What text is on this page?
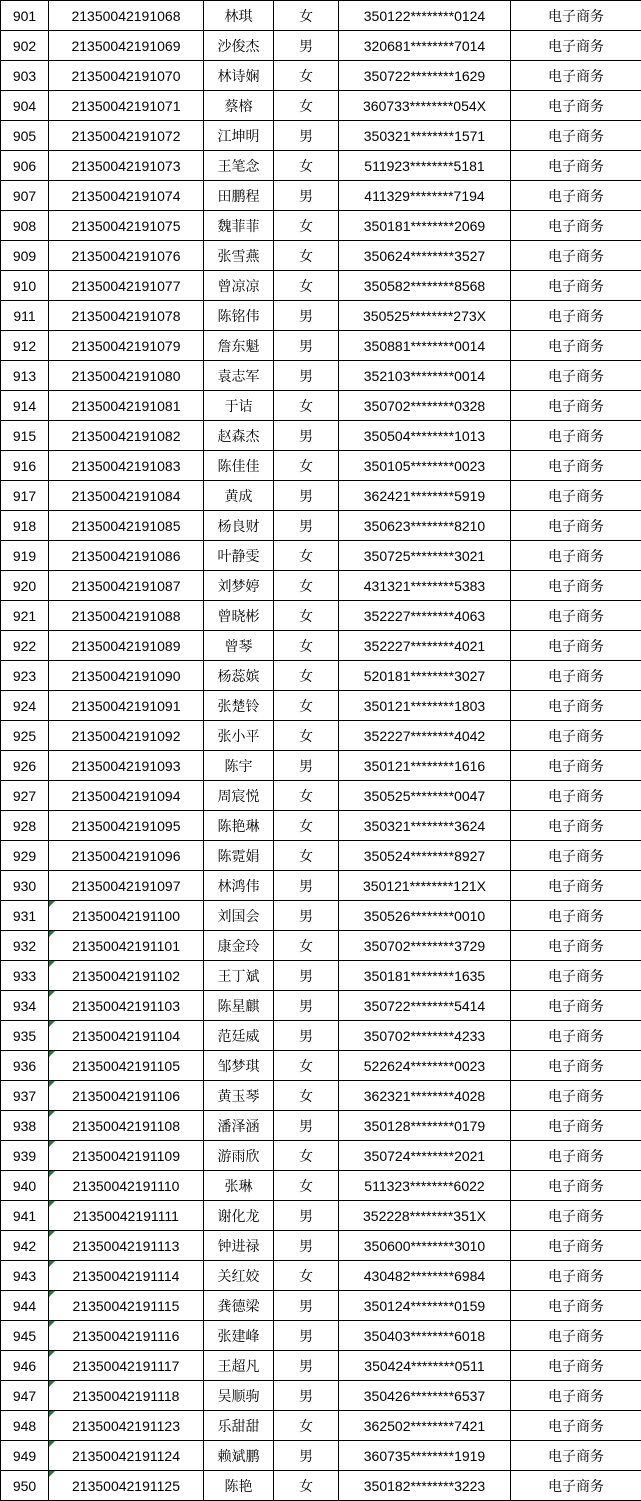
901	21350042191068	林琪	女	350122********0124	电子商务
902	21350042191069	沙俊杰	男	320681********7014	电子商务
903	21350042191070	林诗娴	女	350722********1629	电子商务
904	21350042191071	蔡榕	女	360733********054X	电子商务
905	21350042191072	江坤明	男	350321********1571	电子商务
906	21350042191073	王笔念	女	511923********5181	电子商务
907	21350042191074	田鹏程	男	411329********7194	电子商务
908	21350042191075	魏菲菲	女	350181********2069	电子商务
909	21350042191076	张雪燕	女	350624********3527	电子商务
910	21350042191077	曾凉凉	女	350582********8568	电子商务
911	21350042191078	陈铭伟	男	350525********273X	电子商务
912	21350042191079	詹东魁	男	350881********0014	电子商务
913	21350042191080	袁志军	男	352103********0014	电子商务
914	21350042191081	于诘	女	350702********0328	电子商务
915	21350042191082	赵森杰	男	350504********1013	电子商务
916	21350042191083	陈佳佳	女	350105********0023	电子商务
917	21350042191084	黄成	男	362421********5919	电子商务
918	21350042191085	杨良财	男	350623********8210	电子商务
919	21350042191086	叶静雯	女	350725********3021	电子商务
920	21350042191087	刘梦婷	女	431321********5383	电子商务
921	21350042191088	曾晓彬	女	352227********4063	电子商务
922	21350042191089	曾琴	女	352227********4021	电子商务
923	21350042191090	杨蕊嫔	女	520181********3027	电子商务
924	21350042191091	张楚铃	女	350121********1803	电子商务
925	21350042191092	张小平	女	352227********4042	电子商务
926	21350042191093	陈宇	男	350121********1616	电子商务
927	21350042191094	周宸悦	女	350525********0047	电子商务
928	21350042191095	陈艳琳	女	350321********3624	电子商务
929	21350042191096	陈霓娟	女	350524********8927	电子商务
930	21350042191097	林鸿伟	男	350121********121X	电子商务
931	21350042191100	刘国会	男	350526********0010	电子商务
932	21350042191101	康金玲	女	350702********3729	电子商务
933	21350042191102	王丁斌	男	350181********1635	电子商务
934	21350042191103	陈星麒	男	350722********5414	电子商务
935	21350042191104	范廷威	男	350702********4233	电子商务
936	21350042191105	邹梦琪	女	522624********0023	电子商务
937	21350042191106	黄玉琴	女	362321********4028	电子商务
938	21350042191108	潘泽涵	男	350128********0179	电子商务
939	21350042191109	游雨欣	女	350724********2021	电子商务
940	21350042191110	张琳	女	511323********6022	电子商务
941	21350042191111	谢化龙	男	352228********351X	电子商务
942	21350042191113	钟进禄	男	350600********3010	电子商务
943	21350042191114	关红姣	女	430482********6984	电子商务
944	21350042191115	龚德梁	男	350124********0159	电子商务
945	21350042191116	张建峰	男	350403********6018	电子商务
946	21350042191117	王超凡	男	350424********0511	电子商务
947	21350042191118	吴顺驹	男	350426********6537	电子商务
948	21350042191123	乐甜甜	女	362502********7421	电子商务
949	21350042191124	赖斌鹏	男	360735********1919	电子商务
950	21350042191125	陈艳	女	350182********3223	电子商务
